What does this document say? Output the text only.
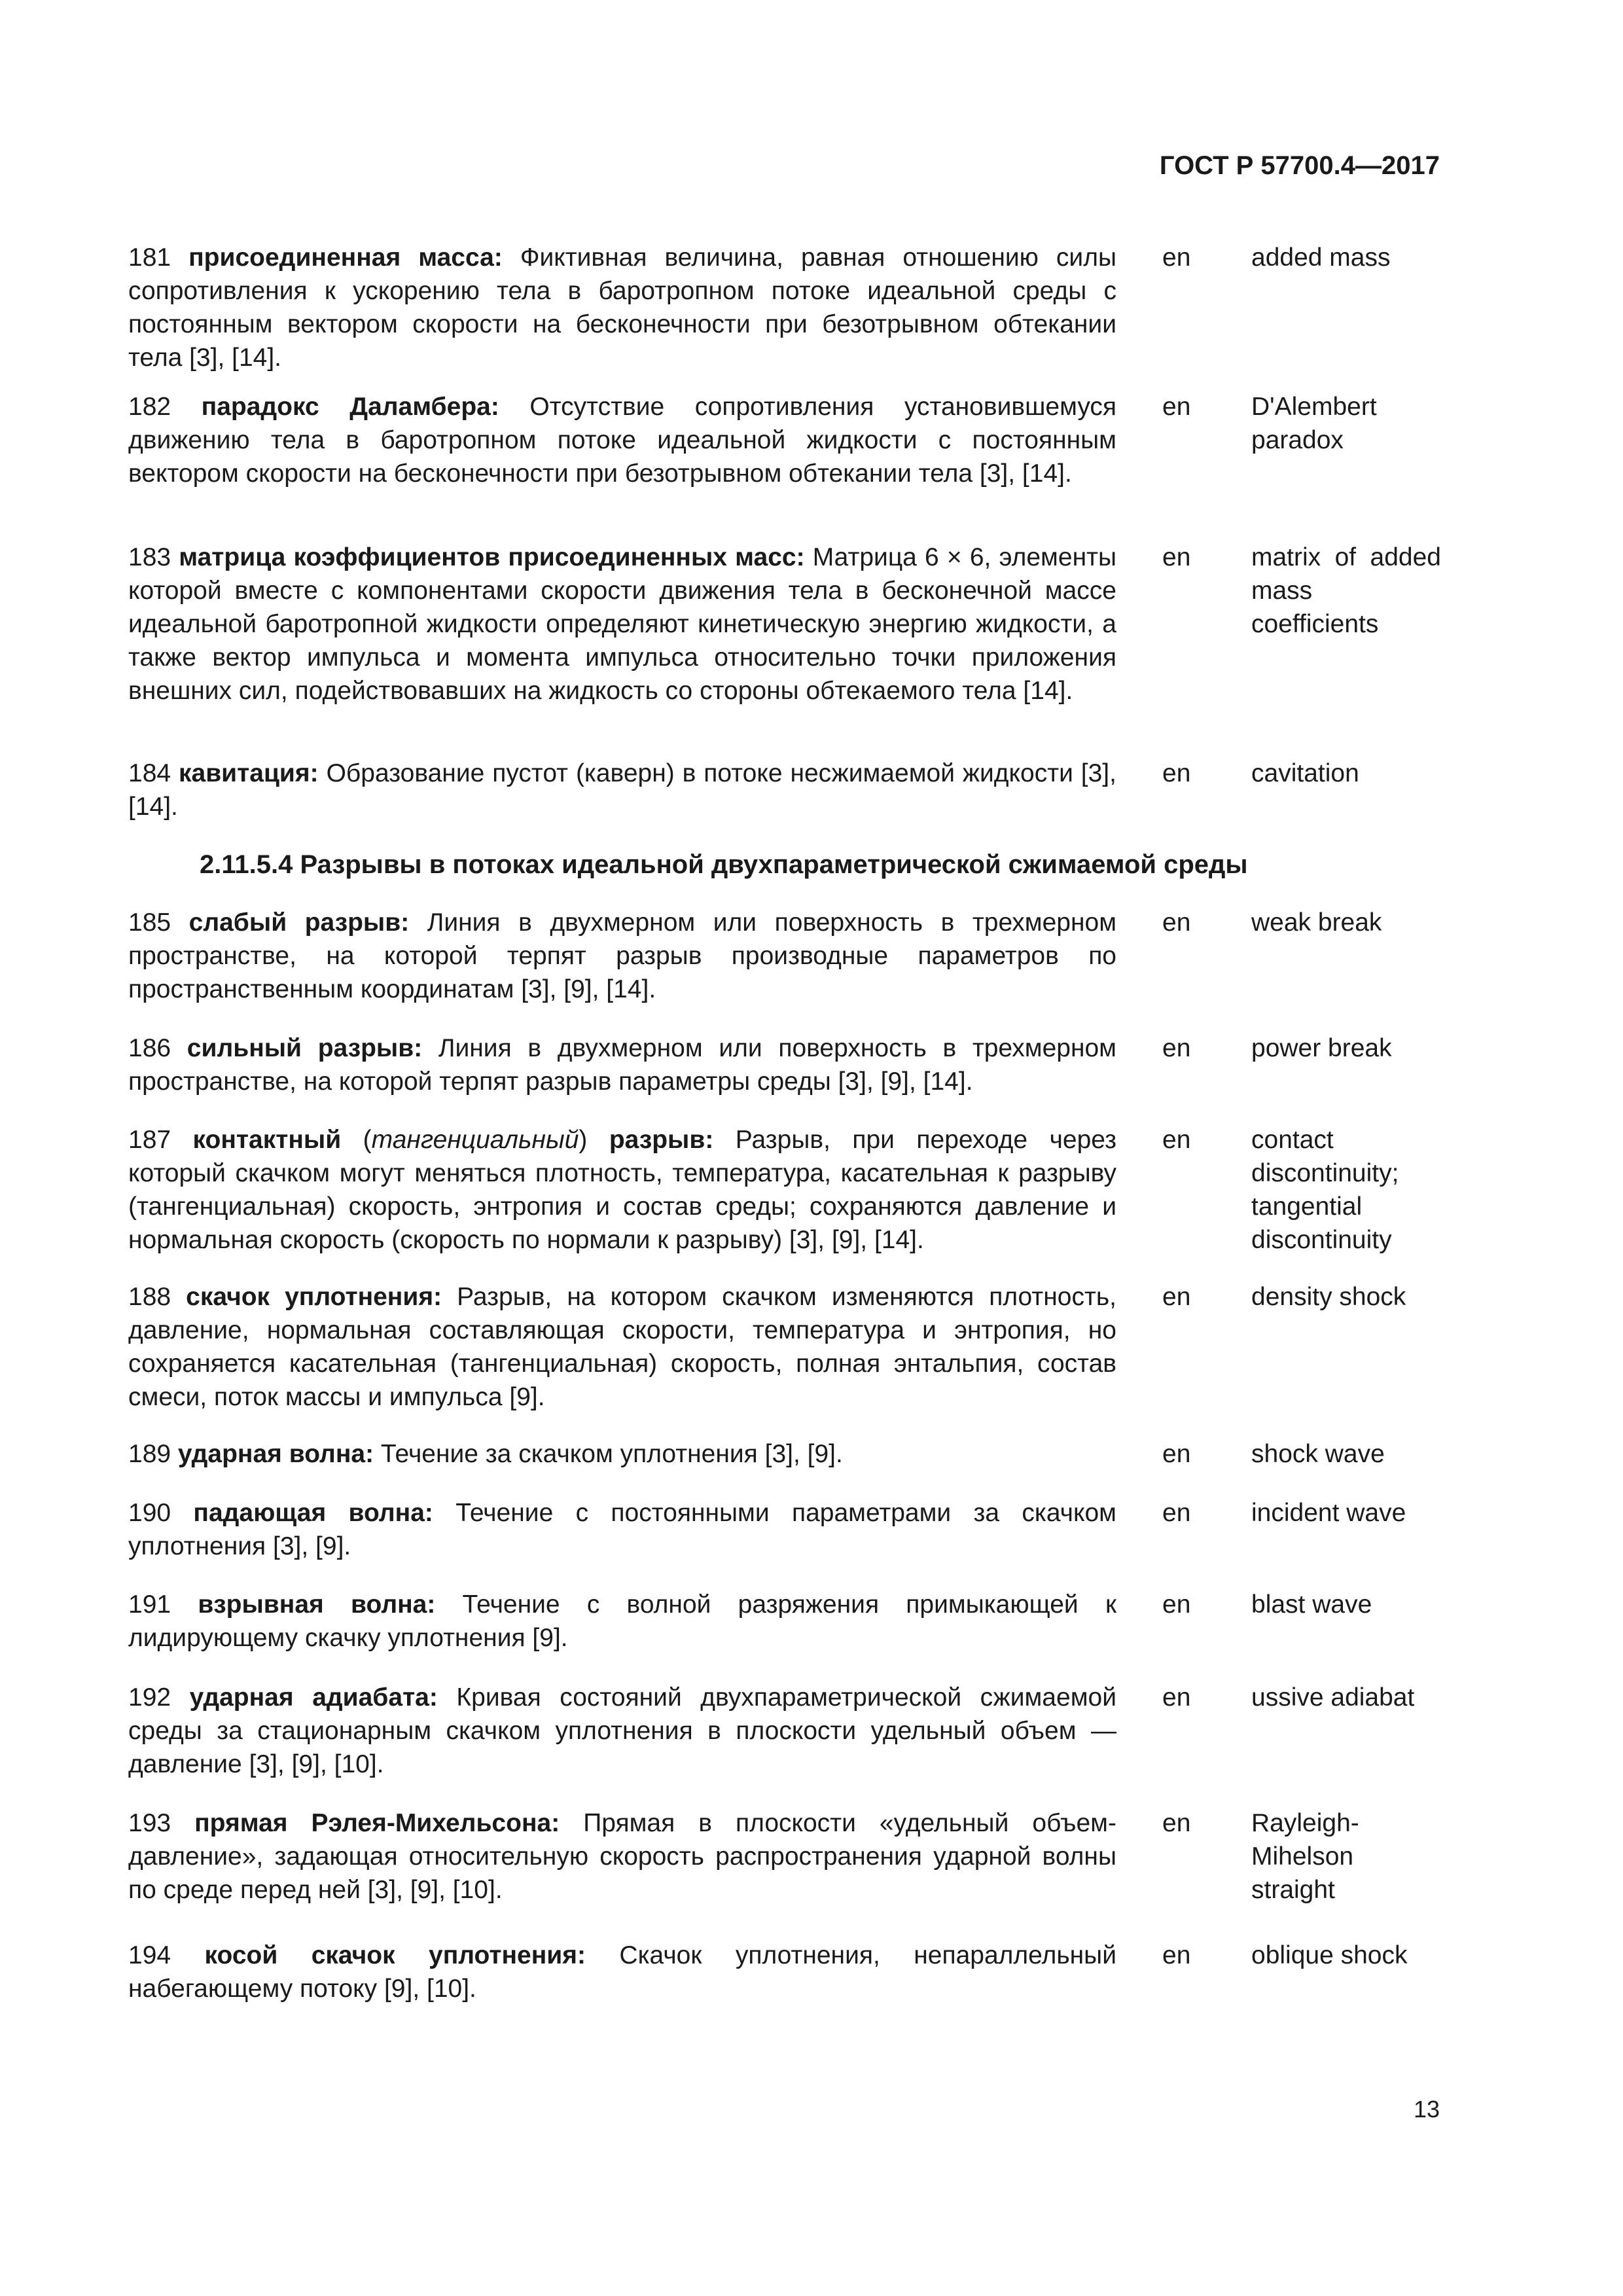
ГОСТ Р 57700.4—2017
181 присоединенная масса: Фиктивная величина, равная отношению силы сопротивления к ускорению тела в баротропном потоке идеальной среды с постоянным вектором скорости на бесконечности при безотрывном обтекании тела [3], [14].
en added mass
182 парадокс Даламбера: Отсутствие сопротивления установившемуся движению тела в баротропном потоке идеальной жидкости с постоянным вектором скорости на бесконечности при безотрывном обтекании тела [3], [14].
en D'Alembert paradox
183 матрица коэффициентов присоединенных масс: Матрица 6 × 6, элементы которой вместе с компонентами скорости движения тела в бесконечной массе идеальной баротропной жидкости определяют кинетическую энергию жидкости, а также вектор импульса и момента импульса относительно точки приложения внешних сил, подействовавших на жидкость со стороны обтекаемого тела [14].
en matrix of added mass coefficients
184 кавитация: Образование пустот (каверн) в потоке несжимаемой жидкости [3], [14].
en cavitation
2.11.5.4 Разрывы в потоках идеальной двухпараметрической сжимаемой среды
185 слабый разрыв: Линия в двухмерном или поверхность в трехмерном пространстве, на которой терпят разрыв производные параметров по пространственным координатам [3], [9], [14].
en weak break
186 сильный разрыв: Линия в двухмерном или поверхность в трехмерном пространстве, на которой терпят разрыв параметры среды [3], [9], [14].
en power break
187 контактный (тангенциальный) разрыв: Разрыв, при переходе через который скачком могут меняться плотность, температура, касательная к разрыву (тангенциальная) скорость, энтропия и состав среды; сохраняются давление и нормальная скорость (скорость по нормали к разрыву) [3], [9], [14].
en contact discontinuity; tangential discontinuity
188 скачок уплотнения: Разрыв, на котором скачком изменяются плотность, давление, нормальная составляющая скорости, температура и энтропия, но сохраняется касательная (тангенциальная) скорость, полная энтальпия, состав смеси, поток массы и импульса [9].
en density shock
189 ударная волна: Течение за скачком уплотнения [3], [9].	en shock wave
190 падающая волна: Течение с постоянными параметрами за скачком уплотнения [3], [9].
en incident wave
191 взрывная волна: Течение с волной разряжения примыкающей к лидирующему скачку уплотнения [9].
en blast wave
192 ударная адиабата: Кривая состояний двухпараметрической сжимаемой среды за стационарным скачком уплотнения в плоскости удельный объем — давление [3], [9], [10].
en ussive adiabat
193 прямая Рэлея-Михельсона: Прямая в плоскости «удельный объем-давление», задающая относительную скорость распространения ударной волны по среде перед ней [3], [9], [10].
en Rayleigh-Mihelson straight
194 косой скачок уплотнения: Скачок уплотнения, непараллельный набегающему потоку [9], [10].
en oblique shock
13
